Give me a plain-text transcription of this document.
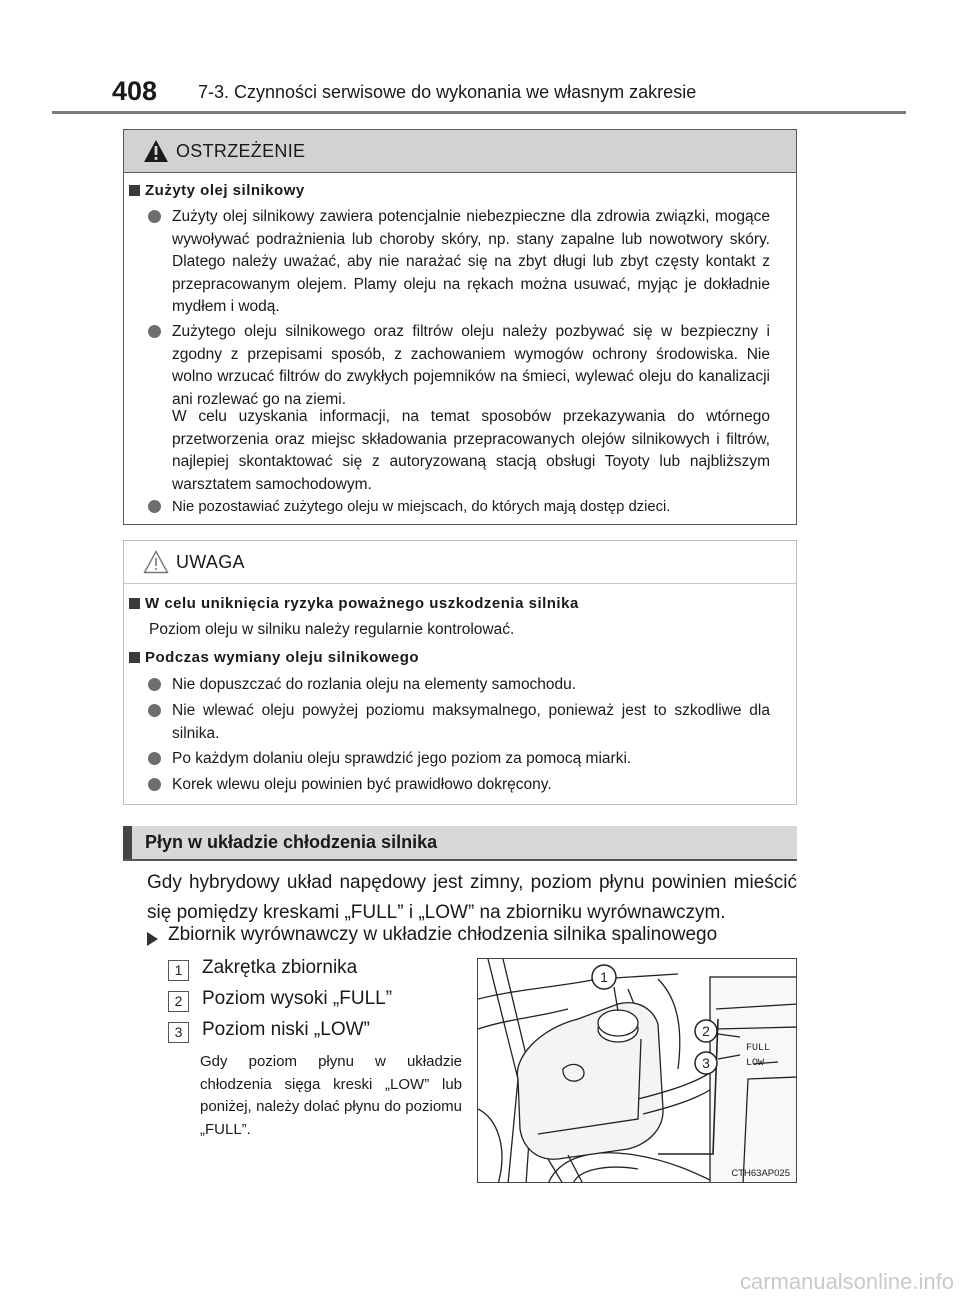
408 7-3. Czynności serwisowe do wykonania we własnym zakresie
OSTRZEŻENIE
Zużyty olej silnikowy
Zużyty olej silnikowy zawiera potencjalnie niebezpieczne dla zdrowia związki, mogące wywoływać podrażnienia lub choroby skóry, np. stany zapalne lub nowotwory skóry. Dlatego należy uważać, aby nie narażać się na zbyt długi lub zbyt częsty kontakt z przepracowanym olejem. Plamy oleju na rękach można usuwać, myjąc je dokładnie mydłem i wodą.
Zużytego oleju silnikowego oraz filtrów oleju należy pozbywać się w bezpieczny i zgodny z przepisami sposób, z zachowaniem wymogów ochrony środowiska. Nie wolno wrzucać filtrów do zwykłych pojemników na śmieci, wylewać oleju do kanalizacji ani rozlewać go na ziemi.
W celu uzyskania informacji, na temat sposobów przekazywania do wtórnego przetworzenia oraz miejsc składowania przepracowanych olejów silnikowych i filtrów, najlepiej skontaktować się z autoryzowaną stacją obsługi Toyoty lub najbliższym warsztatem samochodowym.
Nie pozostawiać zużytego oleju w miejscach, do których mają dostęp dzieci.
UWAGA
W celu uniknięcia ryzyka poważnego uszkodzenia silnika
Poziom oleju w silniku należy regularnie kontrolować.
Podczas wymiany oleju silnikowego
Nie dopuszczać do rozlania oleju na elementy samochodu.
Nie wlewać oleju powyżej poziomu maksymalnego, ponieważ jest to szkodliwe dla silnika.
Po każdym dolaniu oleju sprawdzić jego poziom za pomocą miarki.
Korek wlewu oleju powinien być prawidłowo dokręcony.
Płyn w układzie chłodzenia silnika
Gdy hybrydowy układ napędowy jest zimny, poziom płynu powinien mieścić się pomiędzy kreskami „FULL” i „LOW” na zbiorniku wyrównawczym.
Zbiornik wyrównawczy w układzie chłodzenia silnika spalinowego
1	Zakrętka zbiornika
2	Poziom wysoki „FULL”
3	Poziom niski „LOW”
Gdy poziom płynu w układzie chłodzenia sięga kreski „LOW” lub poniżej, należy dolać płynu do poziomu „FULL”.
FULL
LOW
1
2
3
CTH63AP025
carmanualsonline.info
